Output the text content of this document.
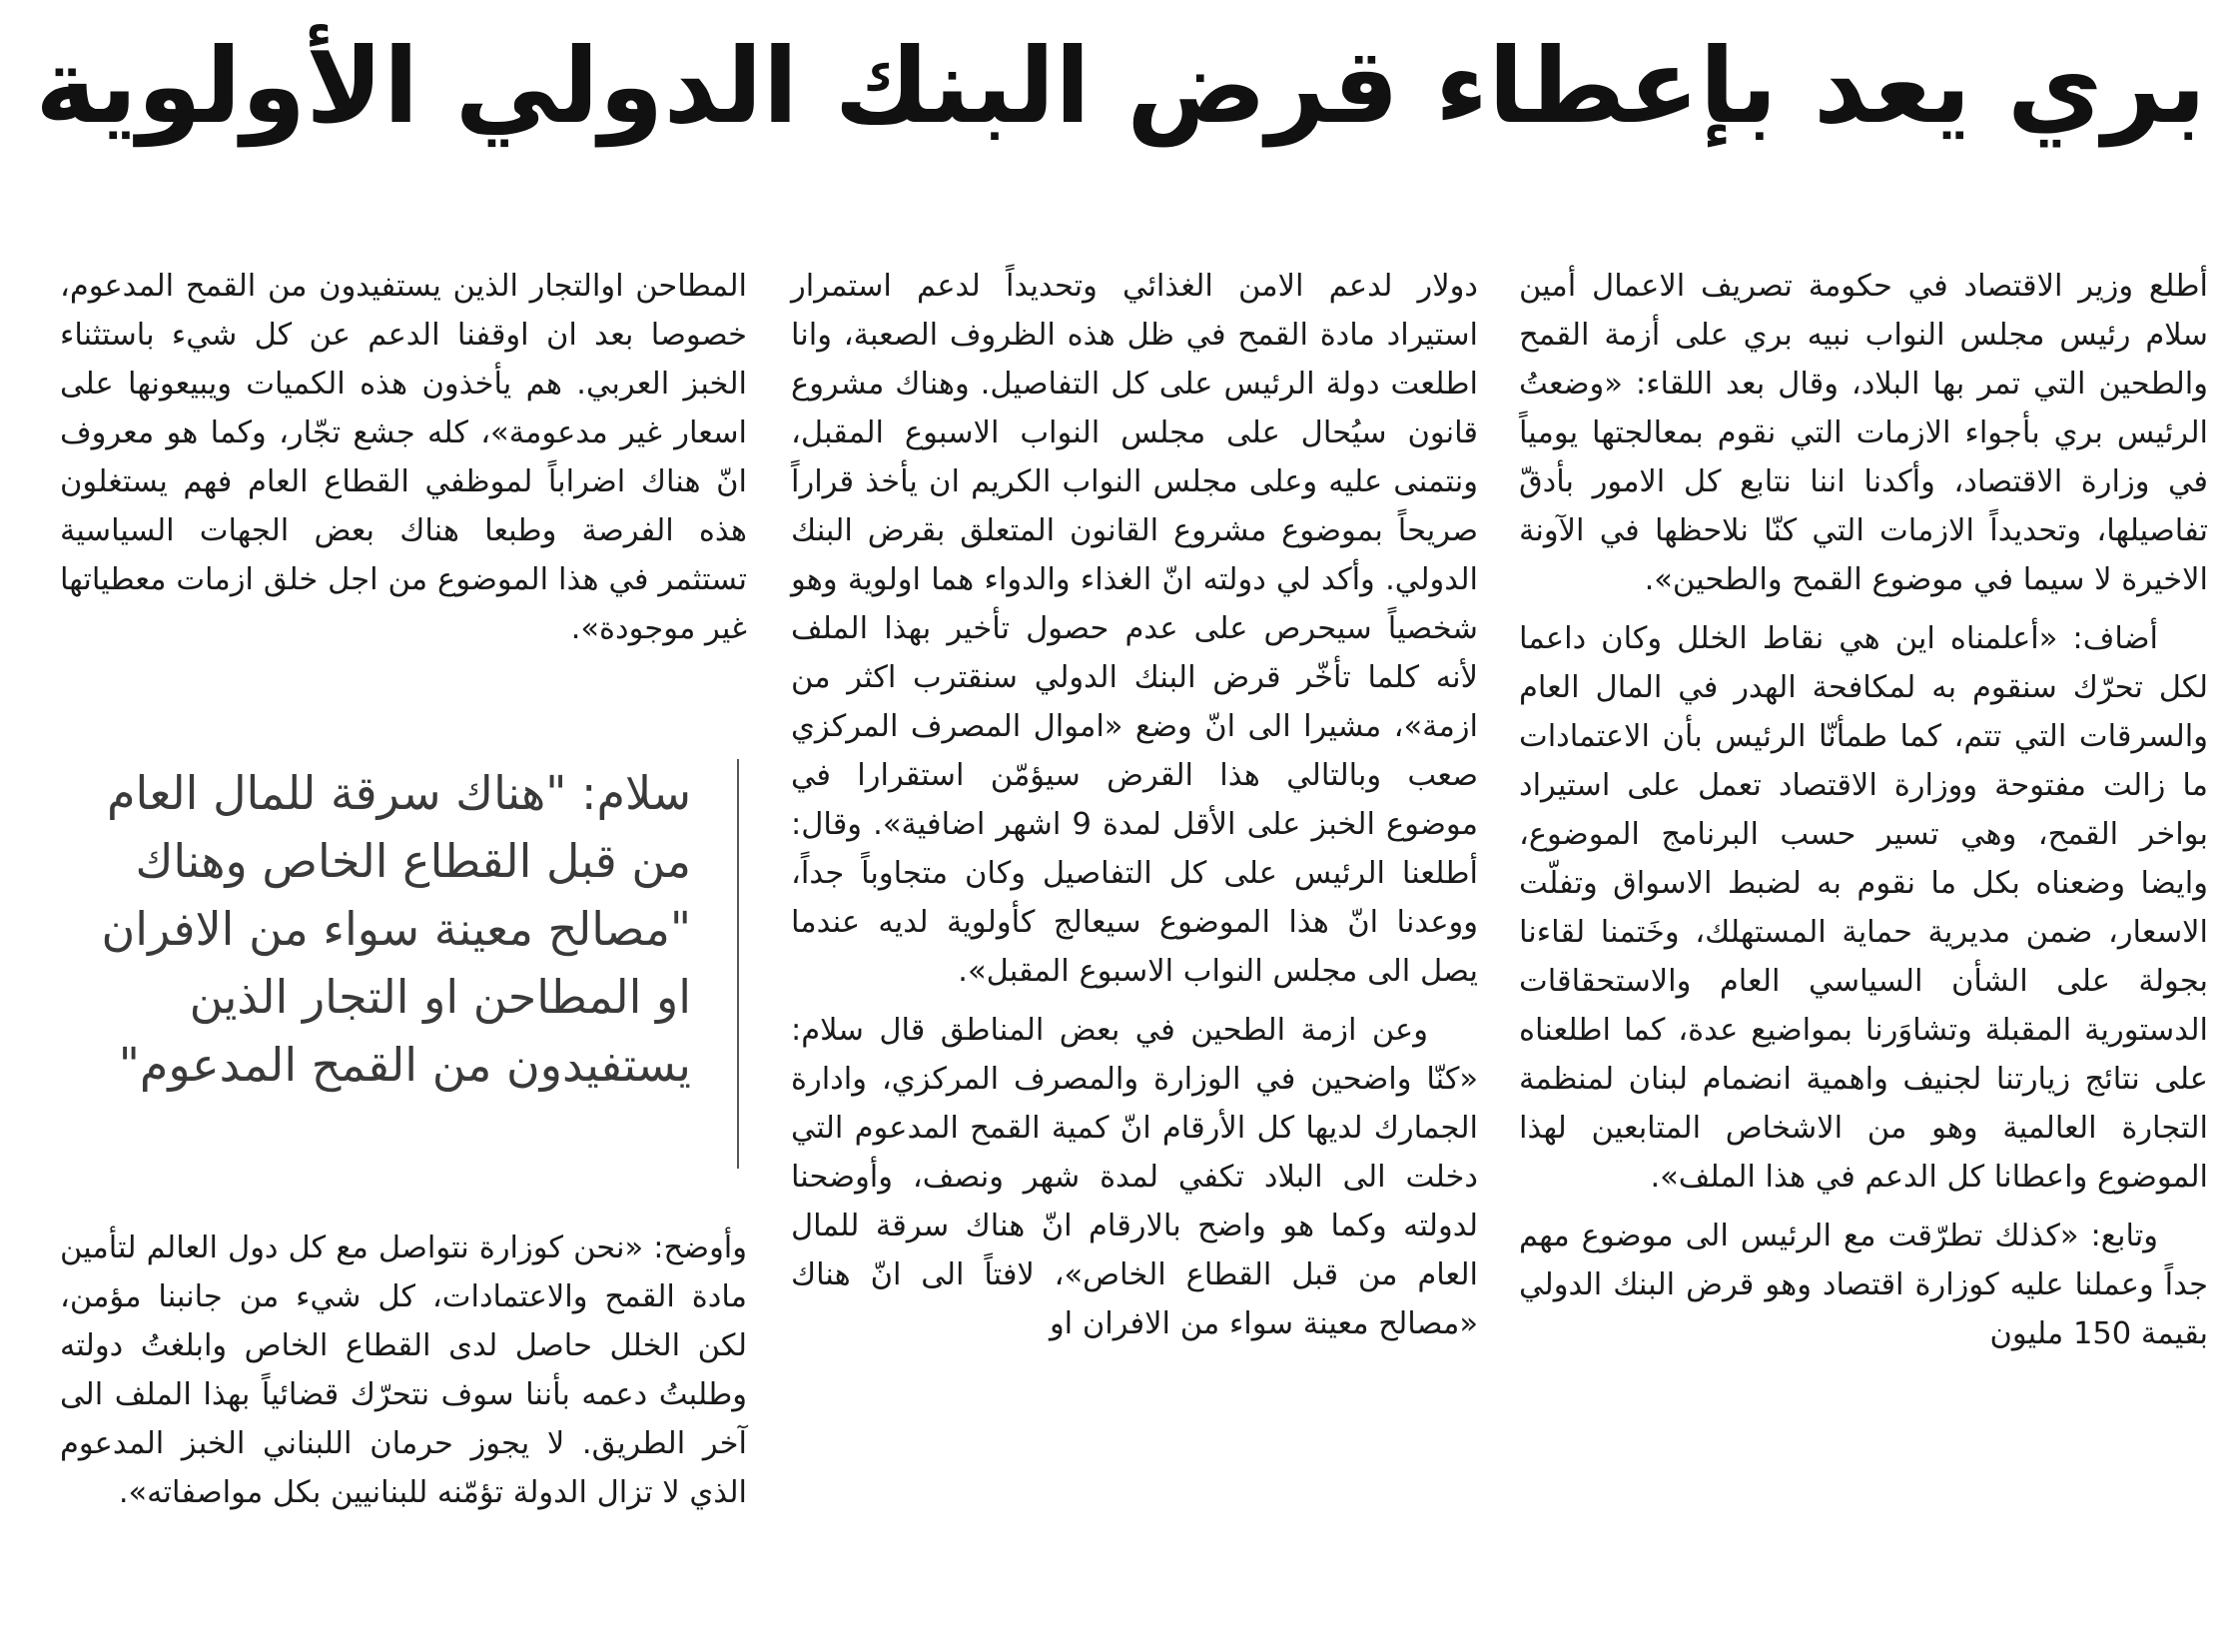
بري يعد بإعطاء قرض البنك الدولي الأولوية

أطلع وزير الاقتصاد في حكومة تصريف الاعمال أمين سلام رئيس مجلس النواب نبيه بري على أزمة القمح والطحين التي تمر بها البلاد، وقال بعد اللقاء: «وضعتُ الرئيس بري بأجواء الازمات التي نقوم بمعالجتها يومياً في وزارة الاقتصاد، وأكدنا اننا نتابع كل الامور بأدقّ تفاصيلها، وتحديداً الازمات التي كنّا نلاحظها في الآونة الاخيرة لا سيما في موضوع القمح والطحين».

أضاف: «أعلمناه اين هي نقاط الخلل وكان داعما لكل تحرّك سنقوم به لمكافحة الهدر في المال العام والسرقات التي تتم، كما طمأنّا الرئيس بأن الاعتمادات ما زالت مفتوحة ووزارة الاقتصاد تعمل على استيراد بواخر القمح، وهي تسير حسب البرنامج الموضوع، وايضا وضعناه بكل ما نقوم به لضبط الاسواق وتفلّت الاسعار، ضمن مديرية حماية المستهلك، وخَتمنا لقاءنا بجولة على الشأن السياسي العام والاستحقاقات الدستورية المقبلة وتشاوَرنا بمواضيع عدة، كما اطلعناه على نتائج زيارتنا لجنيف واهمية انضمام لبنان لمنظمة التجارة العالمية وهو من الاشخاص المتابعين لهذا الموضوع واعطانا كل الدعم في هذا الملف».

وتابع: «كذلك تطرّقت مع الرئيس الى موضوع مهم جداً وعملنا عليه كوزارة اقتصاد وهو قرض البنك الدولي بقيمة 150 مليون

دولار لدعم الامن الغذائي وتحديداً لدعم استمرار استيراد مادة القمح في ظل هذه الظروف الصعبة، وانا اطلعت دولة الرئيس على كل التفاصيل. وهناك مشروع قانون سيُحال على مجلس النواب الاسبوع المقبل، ونتمنى عليه وعلى مجلس النواب الكريم ان يأخذ قراراً صريحاً بموضوع مشروع القانون المتعلق بقرض البنك الدولي. وأكد لي دولته انّ الغذاء والدواء هما اولوية وهو شخصياً سيحرص على عدم حصول تأخير بهذا الملف لأنه كلما تأخّر قرض البنك الدولي سنقترب اكثر من ازمة»، مشيرا الى انّ وضع «اموال المصرف المركزي صعب وبالتالي هذا القرض سيؤمّن استقرارا في موضوع الخبز على الأقل لمدة 9 اشهر اضافية». وقال: أطلعنا الرئيس على كل التفاصيل وكان متجاوباً جداً، ووعدنا انّ هذا الموضوع سيعالج كأولوية لديه عندما يصل الى مجلس النواب الاسبوع المقبل».

وعن ازمة الطحين في بعض المناطق قال سلام: «كنّا واضحين في الوزارة والمصرف المركزي، وادارة الجمارك لديها كل الأرقام انّ كمية القمح المدعوم التي دخلت الى البلاد تكفي لمدة شهر ونصف، وأوضحنا لدولته وكما هو واضح بالارقام انّ هناك سرقة للمال العام من قبل القطاع الخاص»، لافتاً الى انّ هناك «مصالح معينة سواء من الافران او

المطاحن اوالتجار الذين يستفيدون من القمح المدعوم، خصوصا بعد ان اوقفنا الدعم عن كل شيء باستثناء الخبز العربي. هم يأخذون هذه الكميات ويبيعونها على اسعار غير مدعومة»، كله جشع تجّار، وكما هو معروف انّ هناك اضراباً لموظفي القطاع العام فهم يستغلون هذه الفرصة وطبعا هناك بعض الجهات السياسية تستثمر في هذا الموضوع من اجل خلق ازمات معطياتها غير موجودة».

سلام: "هناك سرقة للمال العام من قبل القطاع الخاص وهناك "مصالح معينة سواء من الافران او المطاحن او التجار الذين يستفيدون من القمح المدعوم"

وأوضح: «نحن كوزارة نتواصل مع كل دول العالم لتأمين مادة القمح والاعتمادات، كل شيء من جانبنا مؤمن، لكن الخلل حاصل لدى القطاع الخاص وابلغتُ دولته وطلبتُ دعمه بأننا سوف نتحرّك قضائياً بهذا الملف الى آخر الطريق. لا يجوز حرمان اللبناني الخبز المدعوم الذي لا تزال الدولة تؤمّنه للبنانيين بكل مواصفاته».
